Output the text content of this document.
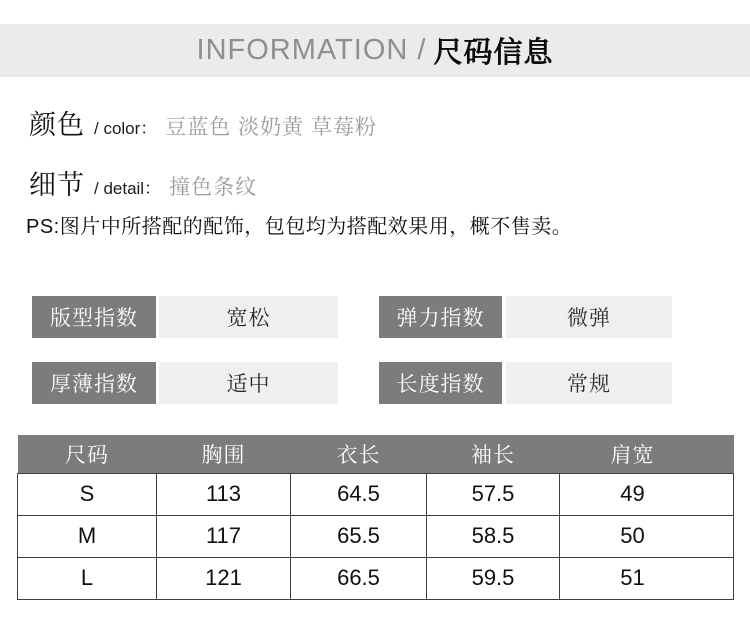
INFORMATION / 尺码信息
颜色 / color： 豆蓝色 淡奶黄 草莓粉
细节 / detail： 撞色条纹
PS:图片中所搭配的配饰，包包均为搭配效果用，概不售卖。
版型指数	宽松	弹力指数	微弹
厚薄指数	适中	长度指数	常规
尺码	胸围	衣长	袖长	肩宽
S	113	64.5	57.5	49
M	117	65.5	58.5	50
L	121	66.5	59.5	51
